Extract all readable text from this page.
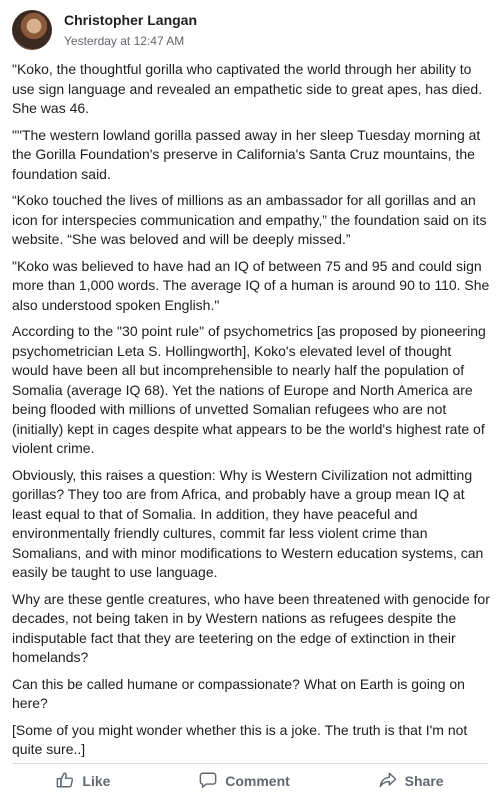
Christopher Langan
Yesterday at 12:47 AM

"Koko, the thoughtful gorilla who captivated the world through her ability to use sign language and revealed an empathetic side to great apes, has died. She was 46.

""The western lowland gorilla passed away in her sleep Tuesday morning at the Gorilla Foundation's preserve in California's Santa Cruz mountains, the foundation said.

“Koko touched the lives of millions as an ambassador for all gorillas and an icon for interspecies communication and empathy,” the foundation said on its website. “She was beloved and will be deeply missed.”

"Koko was believed to have had an IQ of between 75 and 95 and could sign more than 1,000 words. The average IQ of a human is around 90 to 110. She also understood spoken English."

According to the "30 point rule" of psychometrics [as proposed by pioneering psychometrician Leta S. Hollingworth], Koko's elevated level of thought would have been all but incomprehensible to nearly half the population of Somalia (average IQ 68). Yet the nations of Europe and North America are being flooded with millions of unvetted Somalian refugees who are not (initially) kept in cages despite what appears to be the world's highest rate of violent crime.

Obviously, this raises a question: Why is Western Civilization not admitting gorillas? They too are from Africa, and probably have a group mean IQ at least equal to that of Somalia. In addition, they have peaceful and environmentally friendly cultures, commit far less violent crime than Somalians, and with minor modifications to Western education systems, can easily be taught to use language.

Why are these gentle creatures, who have been threatened with genocide for decades, not being taken in by Western nations as refugees despite the indisputable fact that they are teetering on the edge of extinction in their homelands?

Can this be called humane or compassionate? What on Earth is going on here?

[Some of you might wonder whether this is a joke. The truth is that I'm not quite sure..]

Like	Comment	Share
